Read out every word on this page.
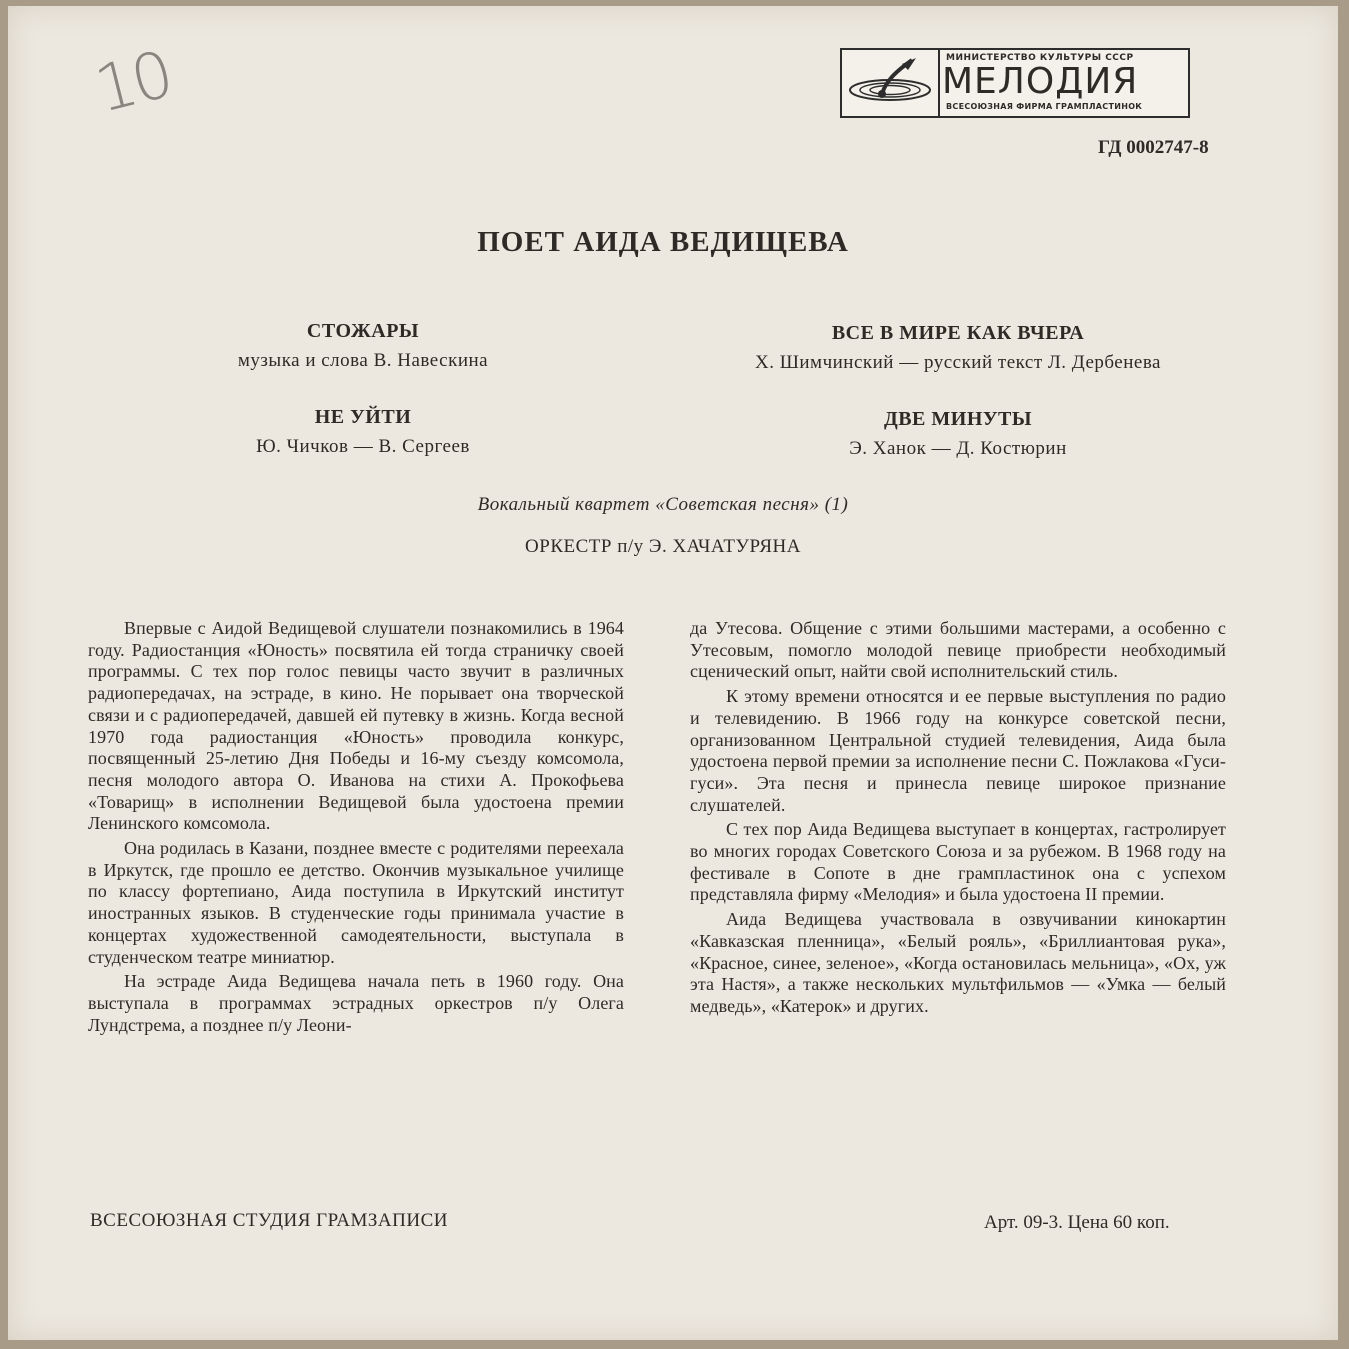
10	МИНИСТЕРСТВО КУЛЬТУРЫ СССР
МЕЛОДИЯ
ВСЕСОЮЗНАЯ ФИРМА ГРАМПЛАСТИНОК
ГД 0002747-8
ПОЕТ АИДА ВЕДИЩЕВА
СТОЖАРЫ
музыка и слова В. Навескина
НЕ УЙТИ
Ю. Чичков — В. Сергеев
ВСЕ В МИРЕ КАК ВЧЕРА
Х. Шимчинский — русский текст Л. Дербенева
ДВЕ МИНУТЫ
Э. Ханок — Д. Костюрин
Вокальный квартет «Советская песня» (1)
ОРКЕСТР п/у Э. ХАЧАТУРЯНА

Впервые с Аидой Ведищевой слушатели познакомились в 1964 году. Радиостанция «Юность» посвятила ей тогда страничку своей программы. С тех пор голос певицы часто звучит в различных радиопередачах, на эстраде, в кино. Не порывает она творческой связи и с радиопередачей, давшей ей путевку в жизнь. Когда весной 1970 года радиостанция «Юность» проводила конкурс, посвященный 25-летию Дня Победы и 16-му съезду комсомола, песня молодого автора О. Иванова на стихи А. Прокофьева «Товарищ» в исполнении Ведищевой была удостоена премии Ленинского комсомола.

Она родилась в Казани, позднее вместе с родителями переехала в Иркутск, где прошло ее детство. Окончив музыкальное училище по классу фортепиано, Аида поступила в Иркутский институт иностранных языков. В студенческие годы принимала участие в концертах художественной самодеятельности, выступала в студенческом театре миниатюр.

На эстраде Аида Ведищева начала петь в 1960 году. Она выступала в программах эстрадных оркестров п/у Олега Лундстрема, а позднее п/у Леони-

да Утесова. Общение с этими большими мастерами, а особенно с Утесовым, помогло молодой певице приобрести необходимый сценический опыт, найти свой исполнительский стиль.

К этому времени относятся и ее первые выступления по радио и телевидению. В 1966 году на конкурсе советской песни, организованном Центральной студией телевидения, Аида была удостоена первой премии за исполнение песни С. Пожлакова «Гуси-гуси». Эта песня и принесла певице широкое признание слушателей.

С тех пор Аида Ведищева выступает в концертах, гастролирует во многих городах Советского Союза и за рубежом. В 1968 году на фестивале в Сопоте в дне грампластинок она с успехом представляла фирму «Мелодия» и была удостоена II премии.

Аида Ведищева участвовала в озвучивании кинокартин «Кавказская пленница», «Белый рояль», «Бриллиантовая рука», «Красное, синее, зеленое», «Когда остановилась мельница», «Ох, уж эта Настя», а также нескольких мультфильмов — «Умка — белый медведь», «Катерок» и других.

ВСЕСОЮЗНАЯ СТУДИЯ ГРАМЗАПИСИ	Арт. 09-3. Цена 60 коп.
